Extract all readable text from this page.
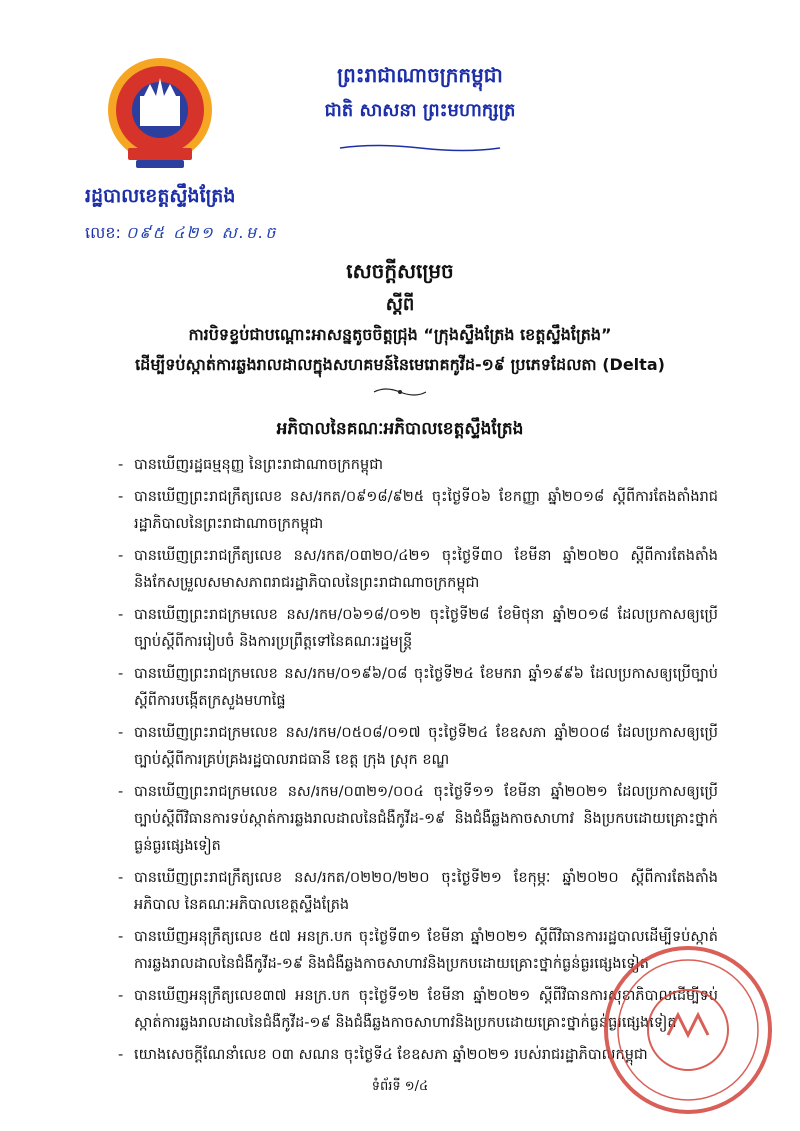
ព្រះរាជាណាចក្រកម្ពុជា
ជាតិ សាសនា ព្រះមហាក្សត្រ
រដ្ឋបាលខេត្តស្ទឹងត្រែង
លេខ: ០៩៥ ៤២១ ស.ម.ច
សេចក្ដីសម្រេច
ស្ដីពី
ការបិទខ្ទប់ជាបណ្តោះអាសន្នតូចចិត្តជ្រុង “ក្រុងស្ទឹងត្រែង ខេត្តស្ទឹងត្រែង”
ដើម្បីទប់ស្កាត់ការឆ្លងរាលដាលក្នុងសហគមន៍នៃមេរោគកូវីដ-១៩ ប្រភេទដែលតា (Delta)
អភិបាលនៃគណៈអភិបាលខេត្តស្ទឹងត្រែង
- បានឃើញរដ្ឋធម្មនុញ្ញ នៃព្រះរាជាណាចក្រកម្ពុជា
- បានឃើញព្រះរាជក្រឹត្យលេខ នស/រកត/០៩១៨/៩២៥ ចុះថ្ងៃទី០៦ ខែកញ្ញា ឆ្នាំ២០១៨ ស្ដីពីការតែងតាំងរាជរដ្ឋាភិបាលនៃព្រះរាជាណាចក្រកម្ពុជា
- បានឃើញព្រះរាជក្រឹត្យលេខ នស/រកត/០៣២០/៤២១ ចុះថ្ងៃទី៣០ ខែមីនា ឆ្នាំ២០២០ ស្ដីពីការតែងតាំង និងកែសម្រួលសមាសភាពរាជរដ្ឋាភិបាលនៃព្រះរាជាណាចក្រកម្ពុជា
- បានឃើញព្រះរាជក្រមលេខ នស/រកម/០៦១៨/០១២ ចុះថ្ងៃទី២៨ ខែមិថុនា ឆ្នាំ២០១៨ ដែលប្រកាសឲ្យប្រើច្បាប់ស្ដីពីការរៀបចំ និងការប្រព្រឹត្តទៅនៃគណៈរដ្ឋមន្ត្រី
- បានឃើញព្រះរាជក្រមលេខ នស/រកម/០១៩៦/០៨ ចុះថ្ងៃទី២៤ ខែមករា ឆ្នាំ១៩៩៦ ដែលប្រកាសឲ្យប្រើច្បាប់ស្ដីពីការបង្កើតក្រសួងមហាផ្ទៃ
- បានឃើញព្រះរាជក្រមលេខ នស/រកម/០៥០៨/០១៧ ចុះថ្ងៃទី២៤ ខែឧសភា ឆ្នាំ២០០៨ ដែលប្រកាសឲ្យប្រើច្បាប់ស្ដីពីការគ្រប់គ្រងរដ្ឋបាលរាជធានី ខេត្ត ក្រុង ស្រុក ខណ្ឌ
- បានឃើញព្រះរាជក្រមលេខ នស/រកម/០៣២១/០០៤ ចុះថ្ងៃទី១១ ខែមីនា ឆ្នាំ២០២១ ដែលប្រកាសឲ្យប្រើច្បាប់ស្ដីពីវិធានការទប់ស្កាត់ការឆ្លងរាលដាលនៃជំងឺកូវីដ-១៩ និងជំងឺឆ្លងកាចសាហាវ និងប្រកបដោយគ្រោះថ្នាក់ធ្ងន់ធ្ងរផ្សេងទៀត
- បានឃើញព្រះរាជក្រឹត្យលេខ នស/រកត/០២២០/២២០ ចុះថ្ងៃទី២១ ខែកុម្ភៈ ឆ្នាំ២០២០ ស្ដីពីការតែងតាំងអភិបាល នៃគណៈអភិបាលខេត្តស្ទឹងត្រែង
- បានឃើញអនុក្រឹត្យលេខ ៥៧ អនក្រ.បក ចុះថ្ងៃទី៣១ ខែមីនា ឆ្នាំ២០២១ ស្ដីពីវិធានការរដ្ឋបាលដើម្បីទប់ស្កាត់ការឆ្លងរាលដាលនៃជំងឺកូវីដ-១៩ និងជំងឺឆ្លងកាចសាហាវនិងប្រកបដោយគ្រោះថ្នាក់ធ្ងន់ធ្ងរផ្សេងទៀត
- បានឃើញអនុក្រឹត្យលេខ៣៧ អនក្រ.បក ចុះថ្ងៃទី១២ ខែមីនា ឆ្នាំ២០២១ ស្ដីពីវិធានការសុខាភិបាលដើម្បីទប់ស្កាត់ការឆ្លងរាលដាលនៃជំងឺកូវីដ-១៩ និងជំងឺឆ្លងកាចសាហាវនិងប្រកបដោយគ្រោះថ្នាក់ធ្ងន់ធ្ងរផ្សេងទៀត
- យោងសេចក្ដីណែនាំលេខ ០៣ សណន ចុះថ្ងៃទី៤ ខែឧសភា ឆ្នាំ២០២១ របស់រាជរដ្ឋាភិបាលកម្ពុជា
ទំព័រទី ១/៤
